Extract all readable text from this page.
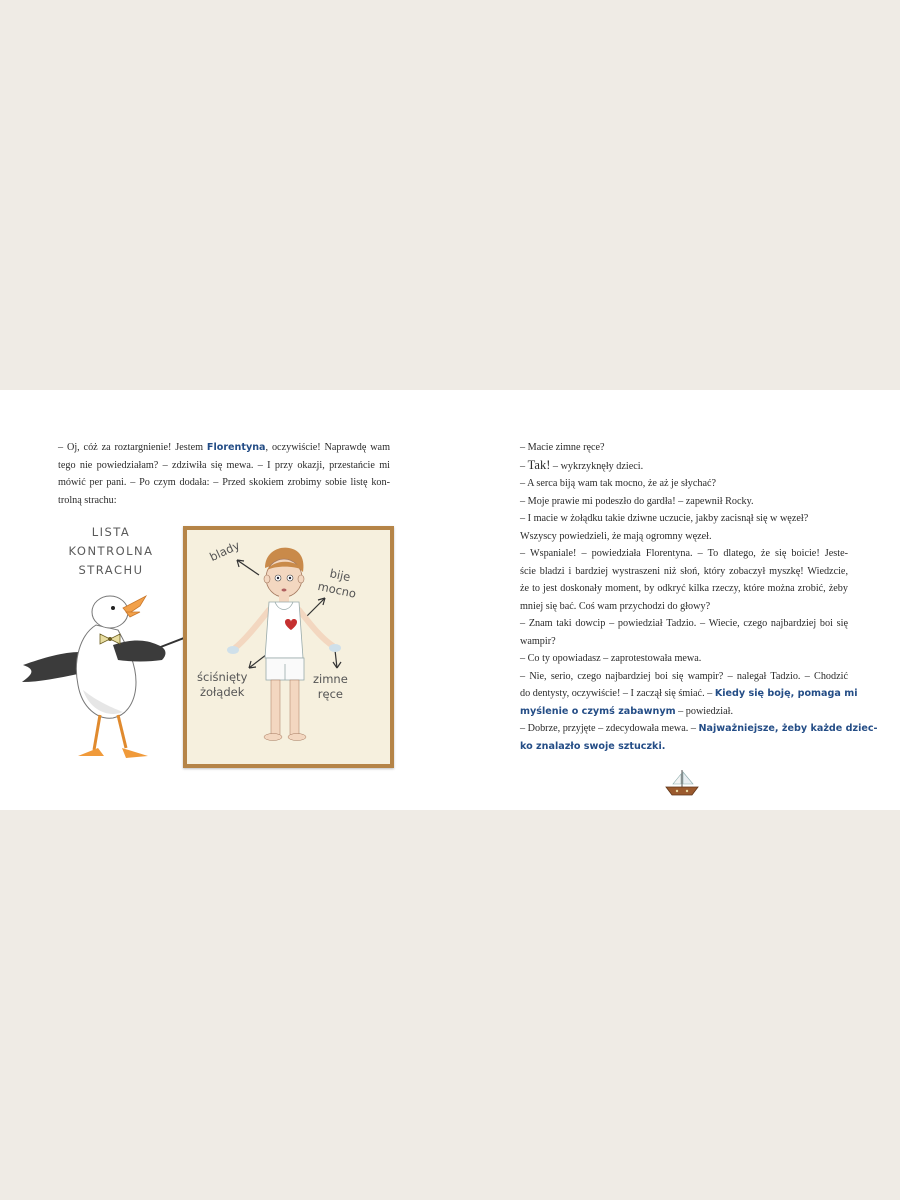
– Oj, cóż za roztargnienie! Jestem Florentyna, oczywiście! Naprawdę wam
tego nie powiedziałam? – zdziwiła się mewa. – I przy okazji, przestańcie mi
mówić per pani. – Po czym dodała: – Przed skokiem zrobimy sobie listę kon-
trolną strachu:
LISTA
KONTROLNA
STRACHU
blady
bije
mocno
ściśnięty
żołądek
zimne
ręce
– Macie zimne ręce?
– Tak! – wykrzyknęły dzieci.
– A serca biją wam tak mocno, że aż je słychać?
– Moje prawie mi podeszło do gardła! – zapewnił Rocky.
– I macie w żołądku takie dziwne uczucie, jakby zacisnął się w węzeł?
Wszyscy powiedzieli, że mają ogromny węzeł.
– Wspaniale! – powiedziała Florentyna. – To dlatego, że się boicie! Jeste-
ście bladzi i bardziej wystraszeni niż słoń, który zobaczył myszkę! Wiedzcie,
że to jest doskonały moment, by odkryć kilka rzeczy, które można zrobić, żeby
mniej się bać. Coś wam przychodzi do głowy?
– Znam taki dowcip – powiedział Tadzio. – Wiecie, czego najbardziej boi się
wampir?
– Co ty opowiadasz – zaprotestowała mewa.
– Nie, serio, czego najbardziej boi się wampir? – nalegał Tadzio. – Chodzić
do dentysty, oczywiście! – I zaczął się śmiać. – Kiedy się boję, pomaga mi
myślenie o czymś zabawnym – powiedział.
– Dobrze, przyjęte – zdecydowała mewa. – Najważniejsze, żeby każde dziec-
ko znalazło swoje sztuczki.
